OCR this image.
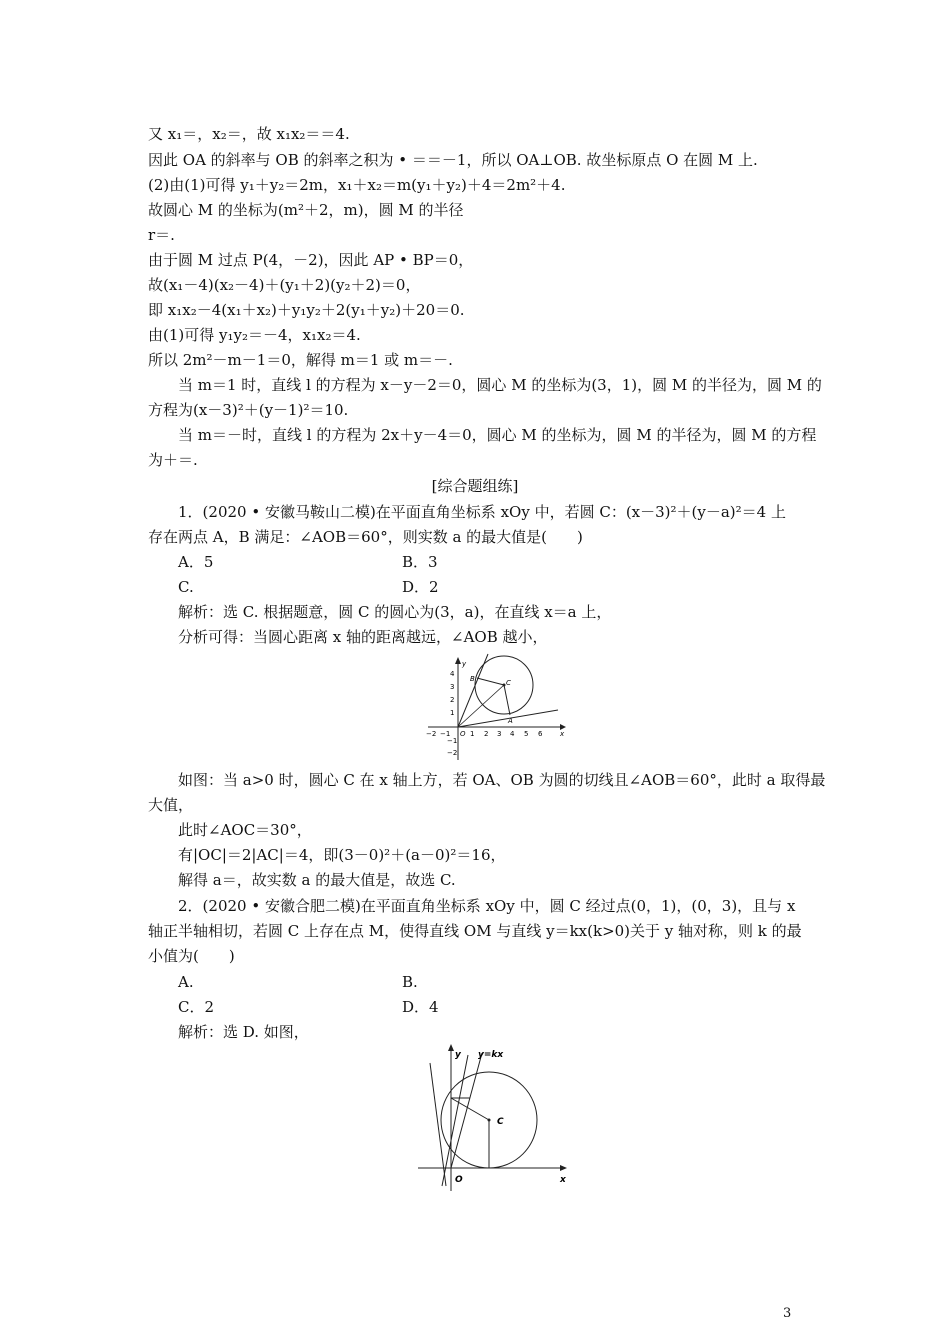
又 x₁＝，x₂＝，故 x₁x₂＝＝4.
因此 OA 的斜率与 OB 的斜率之积为 • ＝＝－1，所以 OA⊥OB. 故坐标原点 O 在圆 M 上.
(2)由(1)可得 y₁＋y₂＝2m，x₁＋x₂＝m(y₁＋y₂)＋4＝2m²＋4.
故圆心 M 的坐标为(m²＋2，m)，圆 M 的半径
r＝.
由于圆 M 过点 P(4，－2)，因此 AP • BP＝0，
故(x₁－4)(x₂－4)＋(y₁＋2)(y₂＋2)＝0，
即 x₁x₂－4(x₁＋x₂)＋y₁y₂＋2(y₁＋y₂)＋20＝0.
由(1)可得 y₁y₂＝－4，x₁x₂＝4.
所以 2m²－m－1＝0，解得 m＝1 或 m＝－.
当 m＝1 时，直线 l 的方程为 x－y－2＝0，圆心 M 的坐标为(3，1)，圆 M 的半径为，圆 M 的
方程为(x－3)²＋(y－1)²＝10.
当 m＝－时，直线 l 的方程为 2x＋y－4＝0，圆心 M 的坐标为，圆 M 的半径为，圆 M 的方程
为＋＝.
[综合题组练]
1．(2020 • 安徽马鞍山二模)在平面直角坐标系 xOy 中，若圆 C：(x－3)²＋(y－a)²＝4 上
存在两点 A，B 满足：∠AOB＝60°，则实数 a 的最大值是(　　)
A．5	B．3
C.	D．2
解析：选 C. 根据题意，圆 C 的圆心为(3，a)，在直线 x＝a 上，
分析可得：当圆心距离 x 轴的距离越远，∠AOB 越小，
−2 −1	1 2 3 4 5 6
4
3
2
1
−1
−2
y
x
O
B	C
A
如图：当 a>0 时，圆心 C 在 x 轴上方，若 OA、OB 为圆的切线且∠AOB＝60°，此时 a 取得最
大值，
此时∠AOC＝30°，
有|OC|＝2|AC|＝4，即(3－0)²＋(a－0)²＝16，
解得 a＝，故实数 a 的最大值是，故选 C.
2．(2020 • 安徽合肥二模)在平面直角坐标系 xOy 中，圆 C 经过点(0，1)，(0，3)，且与 x
轴正半轴相切，若圆 C 上存在点 M，使得直线 OM 与直线 y＝kx(k>0)关于 y 轴对称，则 k 的最
小值为(　　)
A.	B.
C．2	D．4
解析：选 D. 如图，
y y=kx
C
O	x
3
